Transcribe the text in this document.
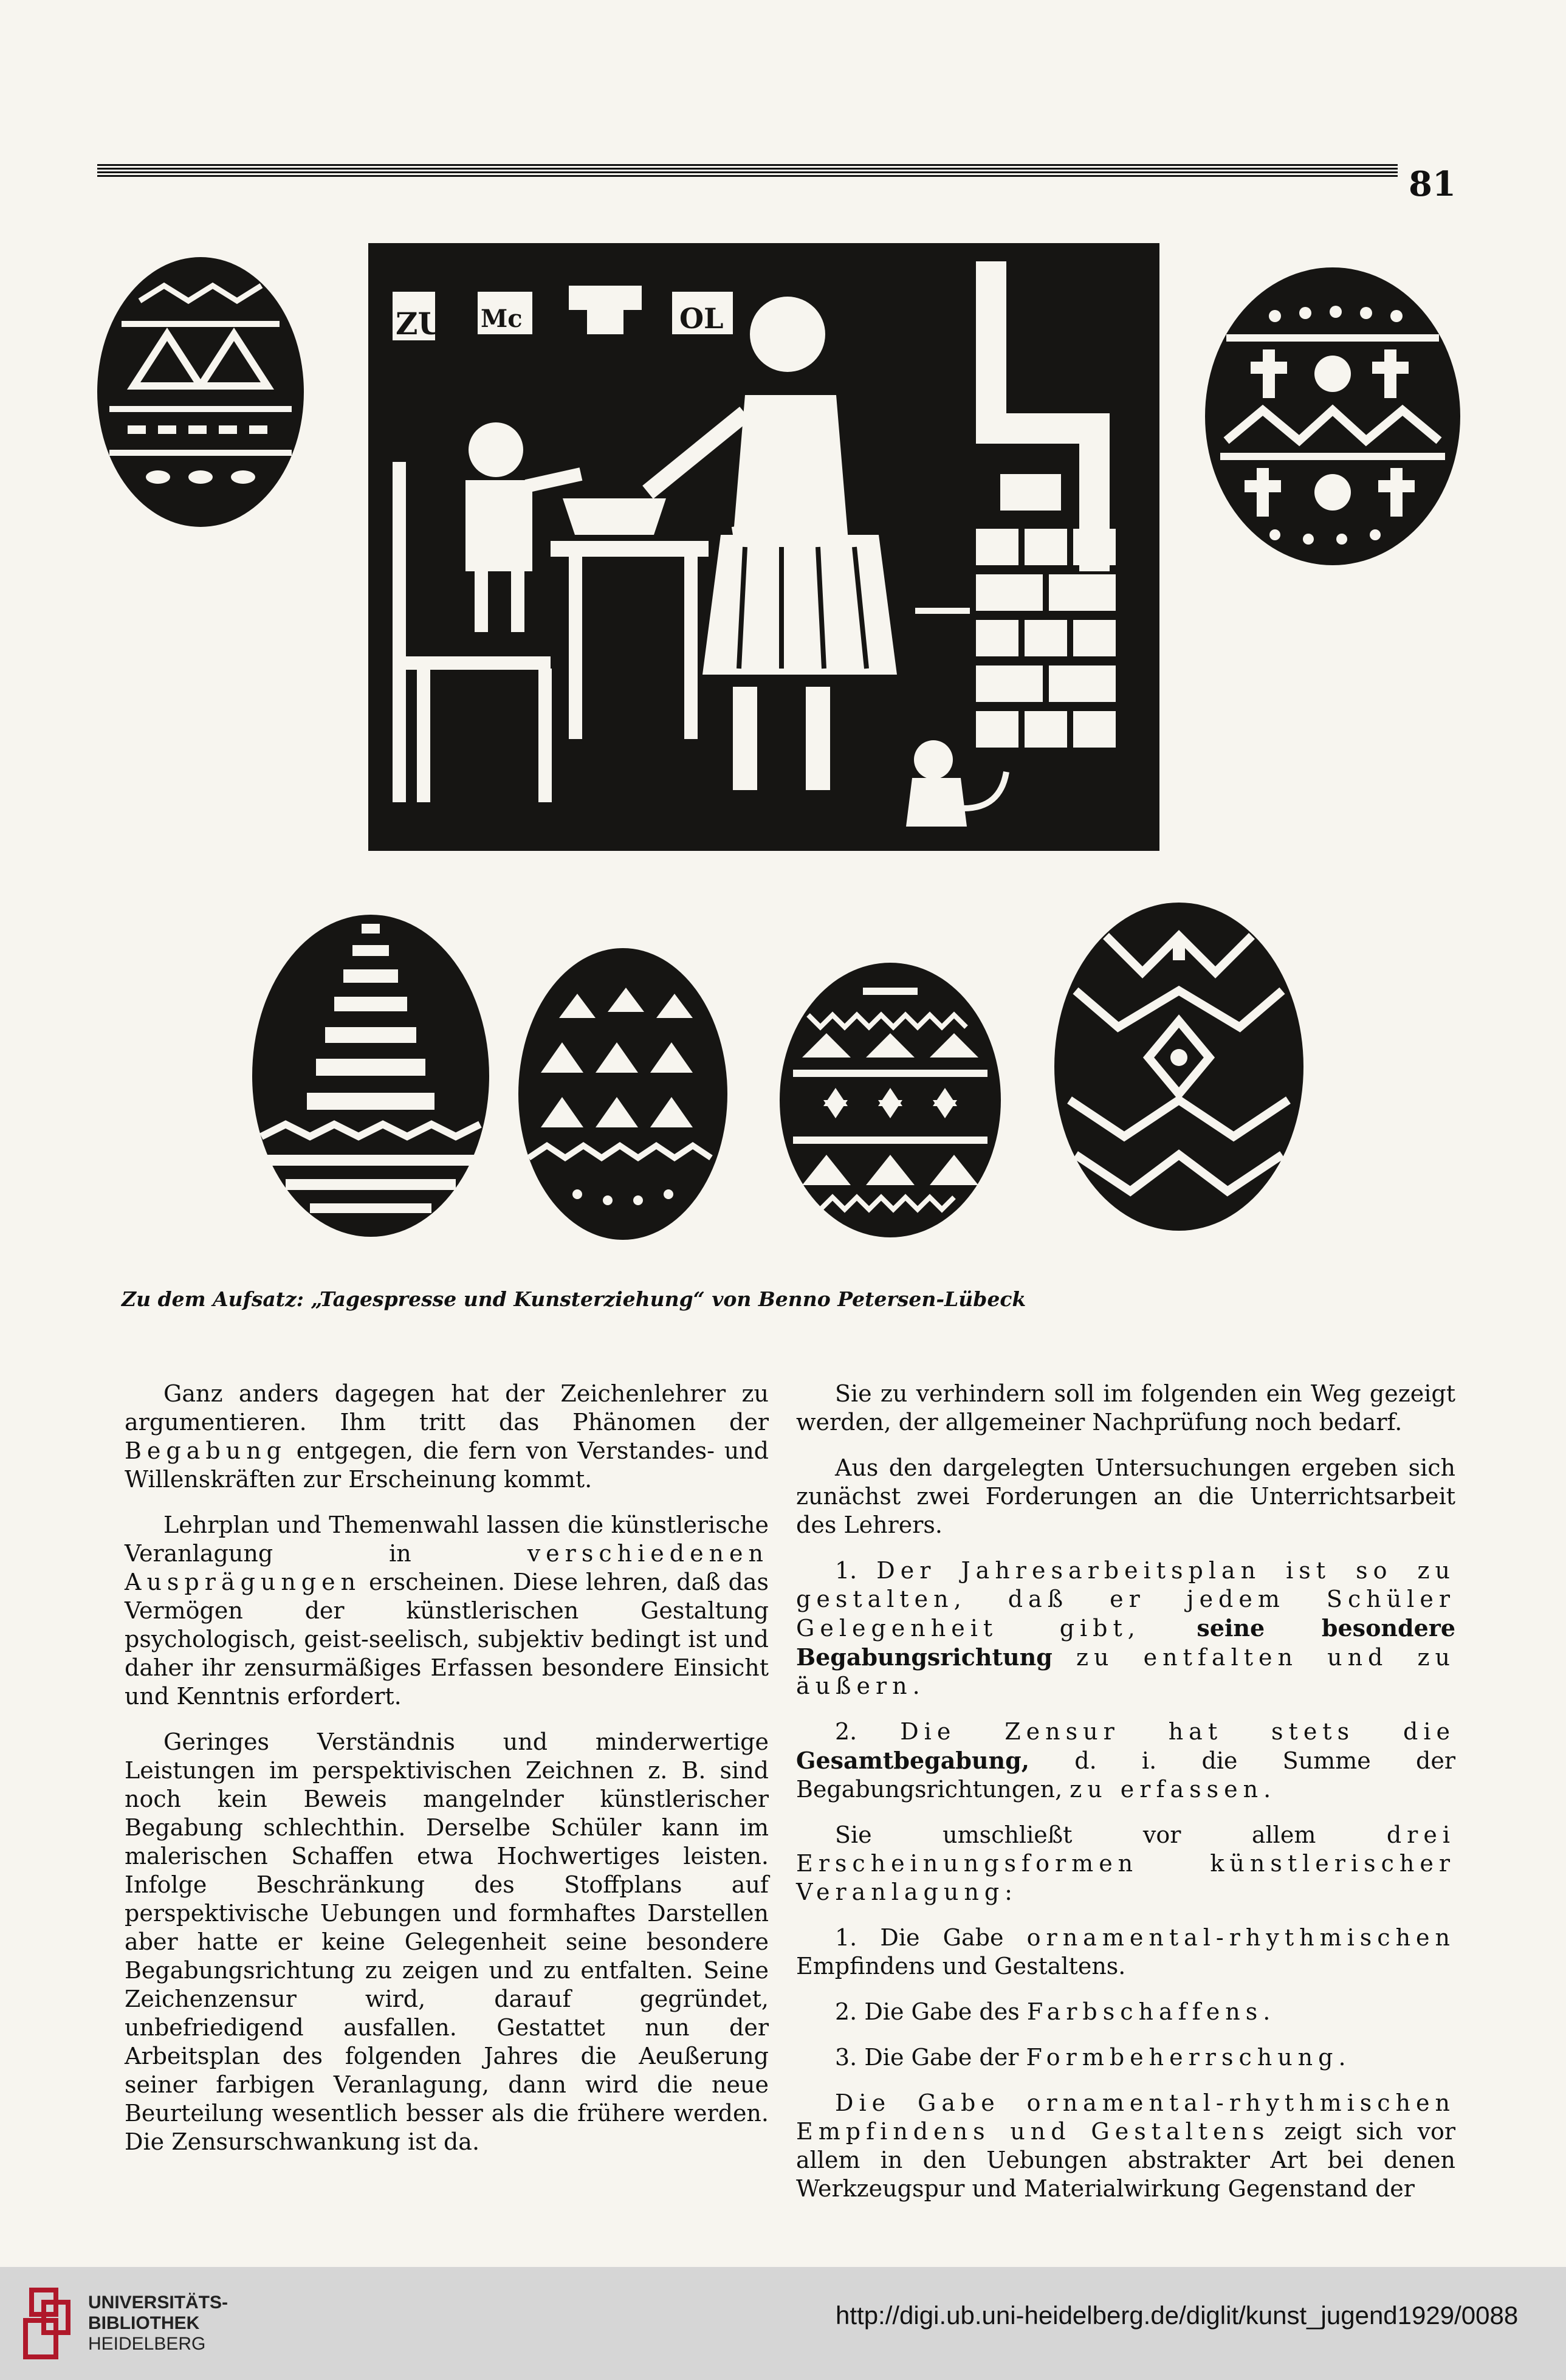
81
ZU Mc	OL
Zu dem Aufsatz: „Tagespresse und Kunsterziehung“ von Benno Petersen-Lübeck

Ganz anders dagegen hat der Zeichenlehrer zu argumentieren. Ihm tritt das Phänomen der Begabung entgegen, die fern von Verstandes- und Willenskräften zur Erscheinung kommt.

Lehrplan und Themenwahl lassen die künstlerische Veranlagung in verschiedenen Ausprägungen erscheinen. Diese lehren, daß das Vermögen der künstlerischen Gestaltung psychologisch, geist-seelisch, subjektiv bedingt ist und daher ihr zensurmäßiges Erfassen besondere Einsicht und Kenntnis erfordert.

Geringes Verständnis und minderwertige Leistungen im perspektivischen Zeichnen z. B. sind noch kein Beweis mangelnder künstlerischer Begabung schlechthin. Derselbe Schüler kann im malerischen Schaffen etwa Hochwertiges leisten. Infolge Beschränkung des Stoffplans auf perspektivische Uebungen und formhaftes Darstellen aber hatte er keine Gelegenheit seine besondere Begabungsrichtung zu zeigen und zu entfalten. Seine Zeichenzensur wird, darauf gegründet, unbefriedigend ausfallen. Gestattet nun der Arbeitsplan des folgenden Jahres die Aeußerung seiner farbigen Veranlagung, dann wird die neue Beurteilung wesentlich besser als die frühere werden. Die Zensurschwankung ist da.

Sie zu verhindern soll im folgenden ein Weg gezeigt werden, der allgemeiner Nachprüfung noch bedarf.

Aus den dargelegten Untersuchungen ergeben sich zunächst zwei Forderungen an die Unterrichtsarbeit des Lehrers.

1. Der Jahresarbeitsplan ist so zu gestalten, daß er jedem Schüler Gelegenheit gibt, seine besondere Begabungsrichtung zu entfalten und zu äußern.

2. Die Zensur hat stets die Gesamtbegabung, d. i. die Summe der Begabungsrichtungen, zu erfassen.

Sie umschließt vor allem drei Erscheinungsformen künstlerischer Veranlagung:

1. Die Gabe ornamental-rhythmischen Empfindens und Gestaltens.

2. Die Gabe des Farbschaffens.

3. Die Gabe der Formbeherrschung.

Die Gabe ornamental-rhythmischen Empfindens und Gestaltens zeigt sich vor allem in den Uebungen abstrakter Art bei denen Werkzeugspur und Materialwirkung Gegenstand der

UNIVERSITÄTS-
BIBLIOTHEK
HEIDELBERG
http://digi.ub.uni-heidelberg.de/diglit/kunst_jugend1929/0088
